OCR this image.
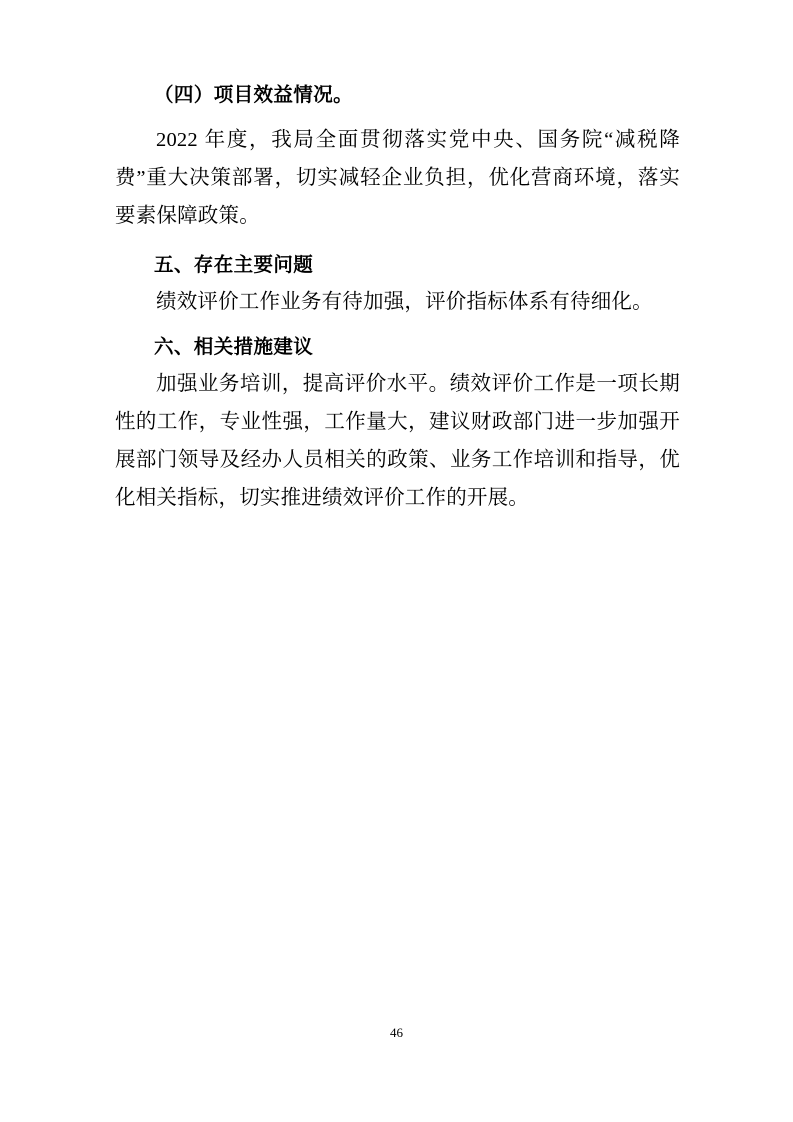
（四）项目效益情况。

2022 年度，我局全面贯彻落实党中央、国务院“减税降费”重大决策部署，切实减轻企业负担，优化营商环境，落实要素保障政策。

五、存在主要问题

绩效评价工作业务有待加强，评价指标体系有待细化。

六、相关措施建议

加强业务培训，提高评价水平。绩效评价工作是一项长期性的工作，专业性强，工作量大，建议财政部门进一步加强开展部门领导及经办人员相关的政策、业务工作培训和指导，优化相关指标，切实推进绩效评价工作的开展。

46
